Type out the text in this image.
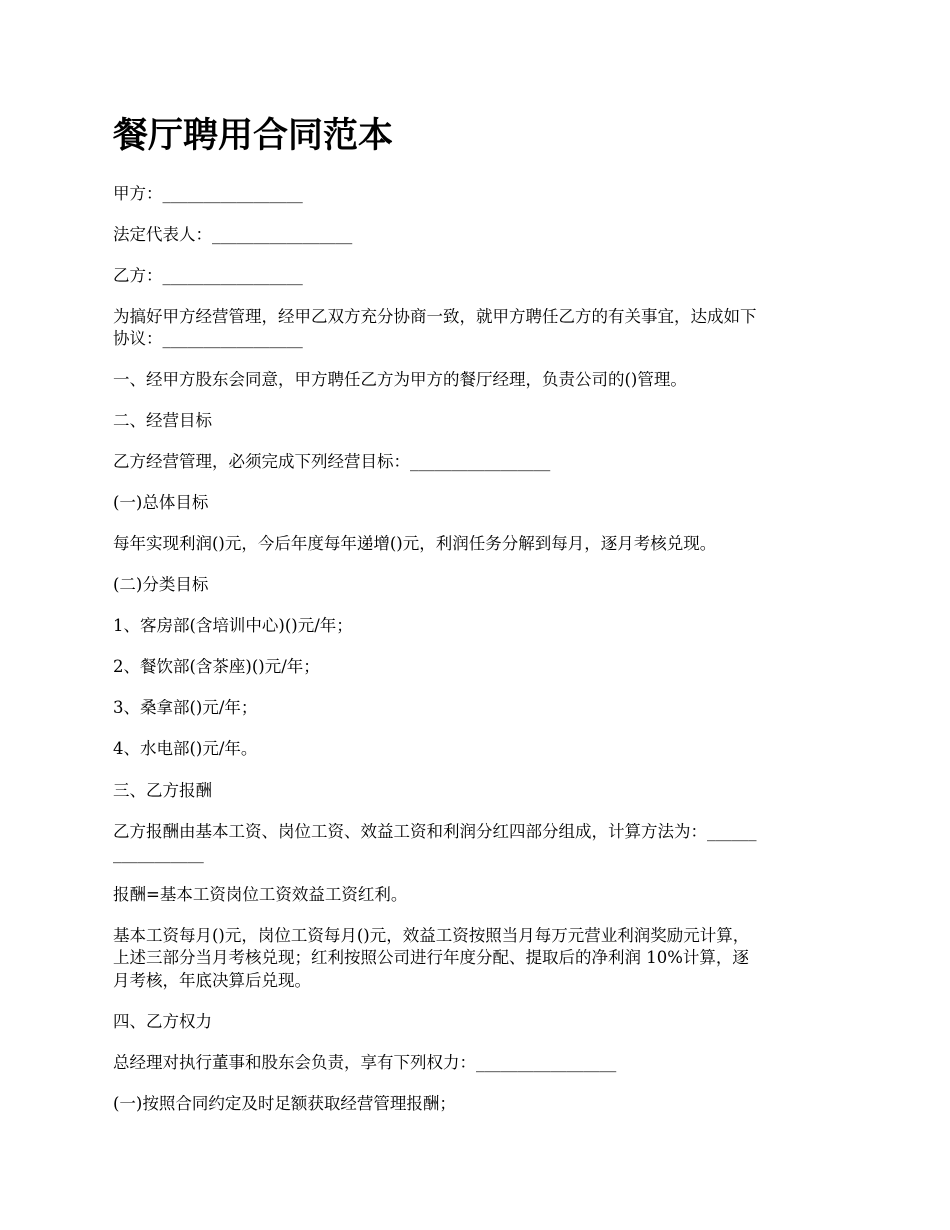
餐厅聘用合同范本
甲方：_________________
法定代表人：_________________
乙方：_________________
为搞好甲方经营管理，经甲乙双方充分协商一致，就甲方聘任乙方的有关事宜，达成如下
协议：_________________
一、经甲方股东会同意，甲方聘任乙方为甲方的餐厅经理，负责公司的()管理。
二、经营目标
乙方经营管理，必须完成下列经营目标：_________________
(一)总体目标
每年实现利润()元，今后年度每年递增()元，利润任务分解到每月，逐月考核兑现。
(二)分类目标
1、客房部(含培训中心)()元/年；
2、餐饮部(含茶座)()元/年；
3、桑拿部()元/年；
4、水电部()元/年。
三、乙方报酬
乙方报酬由基本工资、岗位工资、效益工资和利润分红四部分组成，计算方法为：______
___________
报酬=基本工资岗位工资效益工资红利。
基本工资每月()元，岗位工资每月()元，效益工资按照当月每万元营业利润奖励元计算，
上述三部分当月考核兑现；红利按照公司进行年度分配、提取后的净利润 10%计算，逐
月考核，年底决算后兑现。
四、乙方权力
总经理对执行董事和股东会负责，享有下列权力：_________________
(一)按照合同约定及时足额获取经营管理报酬；
